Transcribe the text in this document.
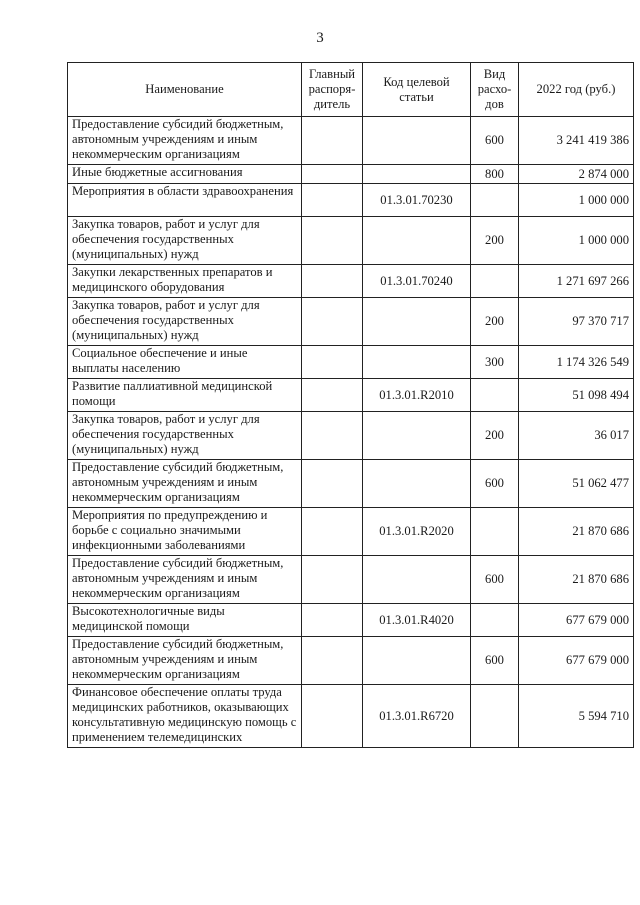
3
Наименование	Главный распоря-дитель	Код целевой статьи	Вид расхо-дов	2022 год (руб.)
Предоставление субсидий бюджетным, автономным учреждениям и иным некоммерческим организациям			600	3 241 419 386
Иные бюджетные ассигнования			800	2 874 000
Мероприятия в области здравоохранения		01.3.01.70230		1 000 000
Закупка товаров, работ и услуг для обеспечения государственных (муниципальных) нужд			200	1 000 000
Закупки лекарственных препаратов и медицинского оборудования		01.3.01.70240		1 271 697 266
Закупка товаров, работ и услуг для обеспечения государственных (муниципальных) нужд			200	97 370 717
Социальное обеспечение и иные выплаты населению			300	1 174 326 549
Развитие паллиативной медицинской помощи		01.3.01.R2010		51 098 494
Закупка товаров, работ и услуг для обеспечения государственных (муниципальных) нужд			200	36 017
Предоставление субсидий бюджетным, автономным учреждениям и иным некоммерческим организациям			600	51 062 477
Мероприятия по предупреждению и борьбе с социально значимыми инфекционными заболеваниями		01.3.01.R2020		21 870 686
Предоставление субсидий бюджетным, автономным учреждениям и иным некоммерческим организациям			600	21 870 686
Высокотехнологичные виды медицинской помощи		01.3.01.R4020		677 679 000
Предоставление субсидий бюджетным, автономным учреждениям и иным некоммерческим организациям			600	677 679 000
Финансовое обеспечение оплаты труда медицинских работников, оказывающих консультативную медицинскую помощь с применением телемедицинских		01.3.01.R6720		5 594 710
